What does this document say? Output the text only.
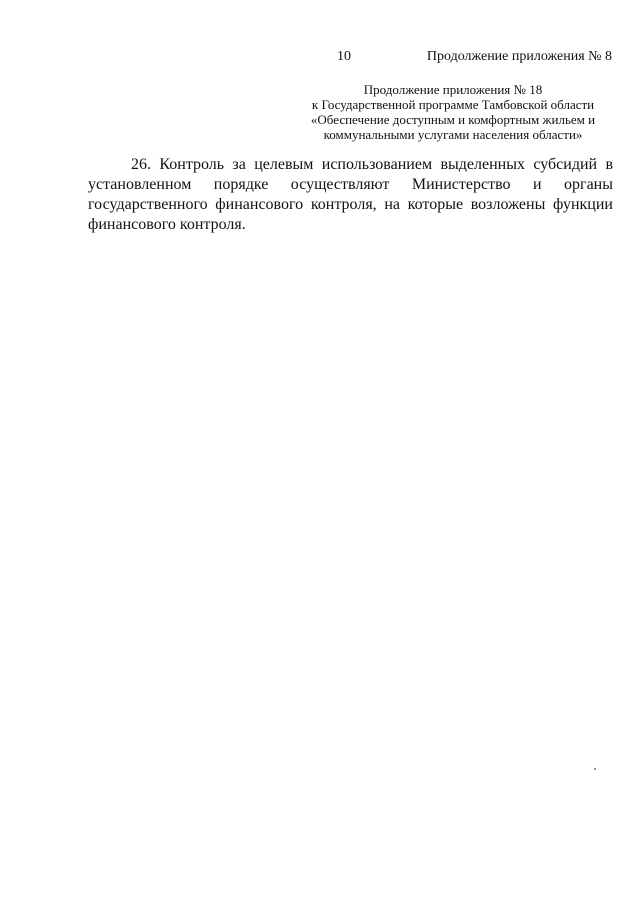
10	Продолжение приложения № 8
Продолжение приложения № 18
к Государственной программе Тамбовской области
«Обеспечение доступным и комфортным жильем и
коммунальными услугами населения области»

26. Контроль за целевым использованием выделенных субсидий в установленном порядке осуществляют Министерство и органы государственного финансового контроля, на которые возложены функции финансового контроля.
